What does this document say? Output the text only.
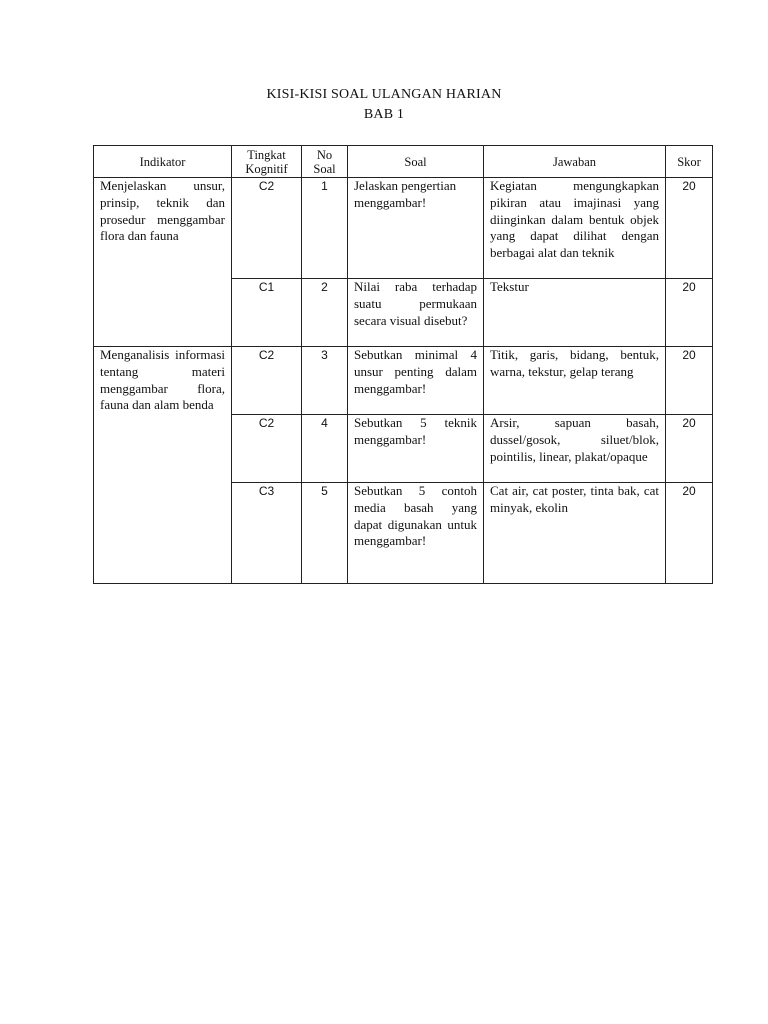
KISI-KISI SOAL ULANGAN HARIAN
BAB 1
Indikator	Tingkat Kognitif	No Soal	Soal	Jawaban	Skor
Menjelaskan unsur, prinsip, teknik dan prosedur menggambar flora dan fauna	C2	1	Jelaskan pengertian menggambar!	Kegiatan mengungkapkan pikiran atau imajinasi yang diinginkan dalam bentuk objek yang dapat dilihat dengan berbagai alat dan teknik	20
	C1	2	Nilai raba terhadap suatu permukaan secara visual disebut?	Tekstur	20
Menganalisis informasi tentang materi menggambar flora, fauna dan alam benda	C2	3	Sebutkan minimal 4 unsur penting dalam menggambar!	Titik, garis, bidang, bentuk, warna, tekstur, gelap terang	20
	C2	4	Sebutkan 5 teknik menggambar!	Arsir, sapuan basah, dussel/gosok, siluet/blok, pointilis, linear, plakat/opaque	20
	C3	5	Sebutkan 5 contoh media basah yang dapat digunakan untuk menggambar!	Cat air, cat poster, tinta bak, cat minyak, ekolin	20
